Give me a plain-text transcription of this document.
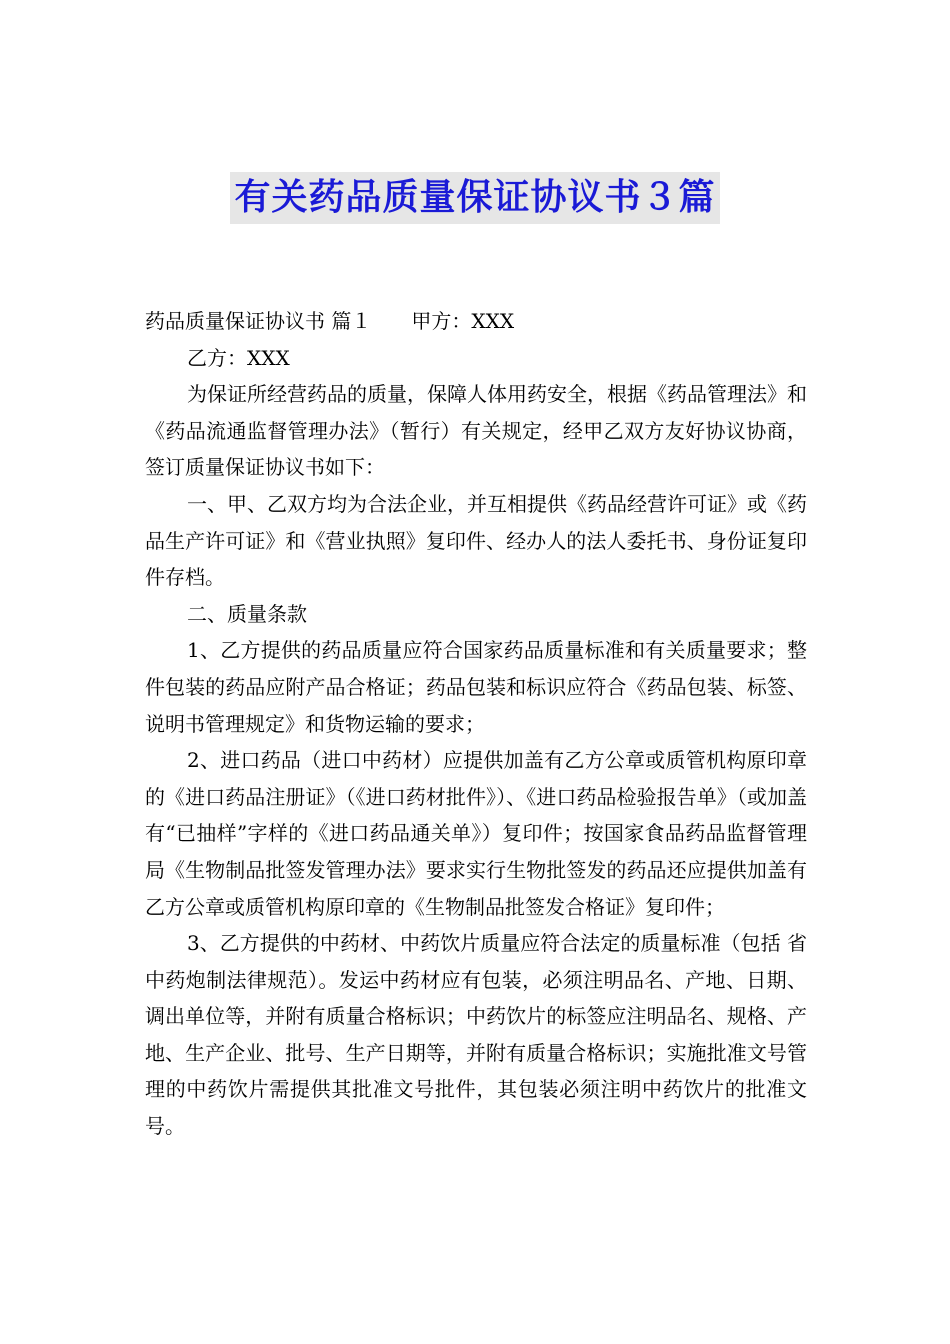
有关药品质量保证协议书３篇

药品质量保证协议书 篇１ 甲方：XXX

乙方：XXX

为保证所经营药品的质量，保障人体用药安全，根据《药品管理法》和《药品流通监督管理办法》（暂行）有关规定，经甲乙双方友好协议协商，签订质量保证协议书如下：

一、甲、乙双方均为合法企业，并互相提供《药品经营许可证》或《药品生产许可证》和《营业执照》复印件、经办人的法人委托书、身份证复印件存档。

二、质量条款

1、乙方提供的药品质量应符合国家药品质量标准和有关质量要求；整件包装的药品应附产品合格证；药品包装和标识应符合《药品包装、标签、说明书管理规定》和货物运输的要求；

2、进口药品（进口中药材）应提供加盖有乙方公章或质管机构原印章的《进口药品注册证》（《进口药材批件》）、《进口药品检验报告单》（或加盖有“已抽样”字样的《进口药品通关单》）复印件；按国家食品药品监督管理局《生物制品批签发管理办法》要求实行生物批签发的药品还应提供加盖有乙方公章或质管机构原印章的《生物制品批签发合格证》复印件；

3、乙方提供的中药材、中药饮片质量应符合法定的质量标准（包括 省中药炮制法律规范）。发运中药材应有包装，必须注明品名、产地、日期、调出单位等，并附有质量合格标识；中药饮片的标签应注明品名、规格、产地、生产企业、批号、生产日期等，并附有质量合格标识；实施批准文号管理的中药饮片需提供其批准文号批件，其包装必须注明中药饮片的批准文号。
